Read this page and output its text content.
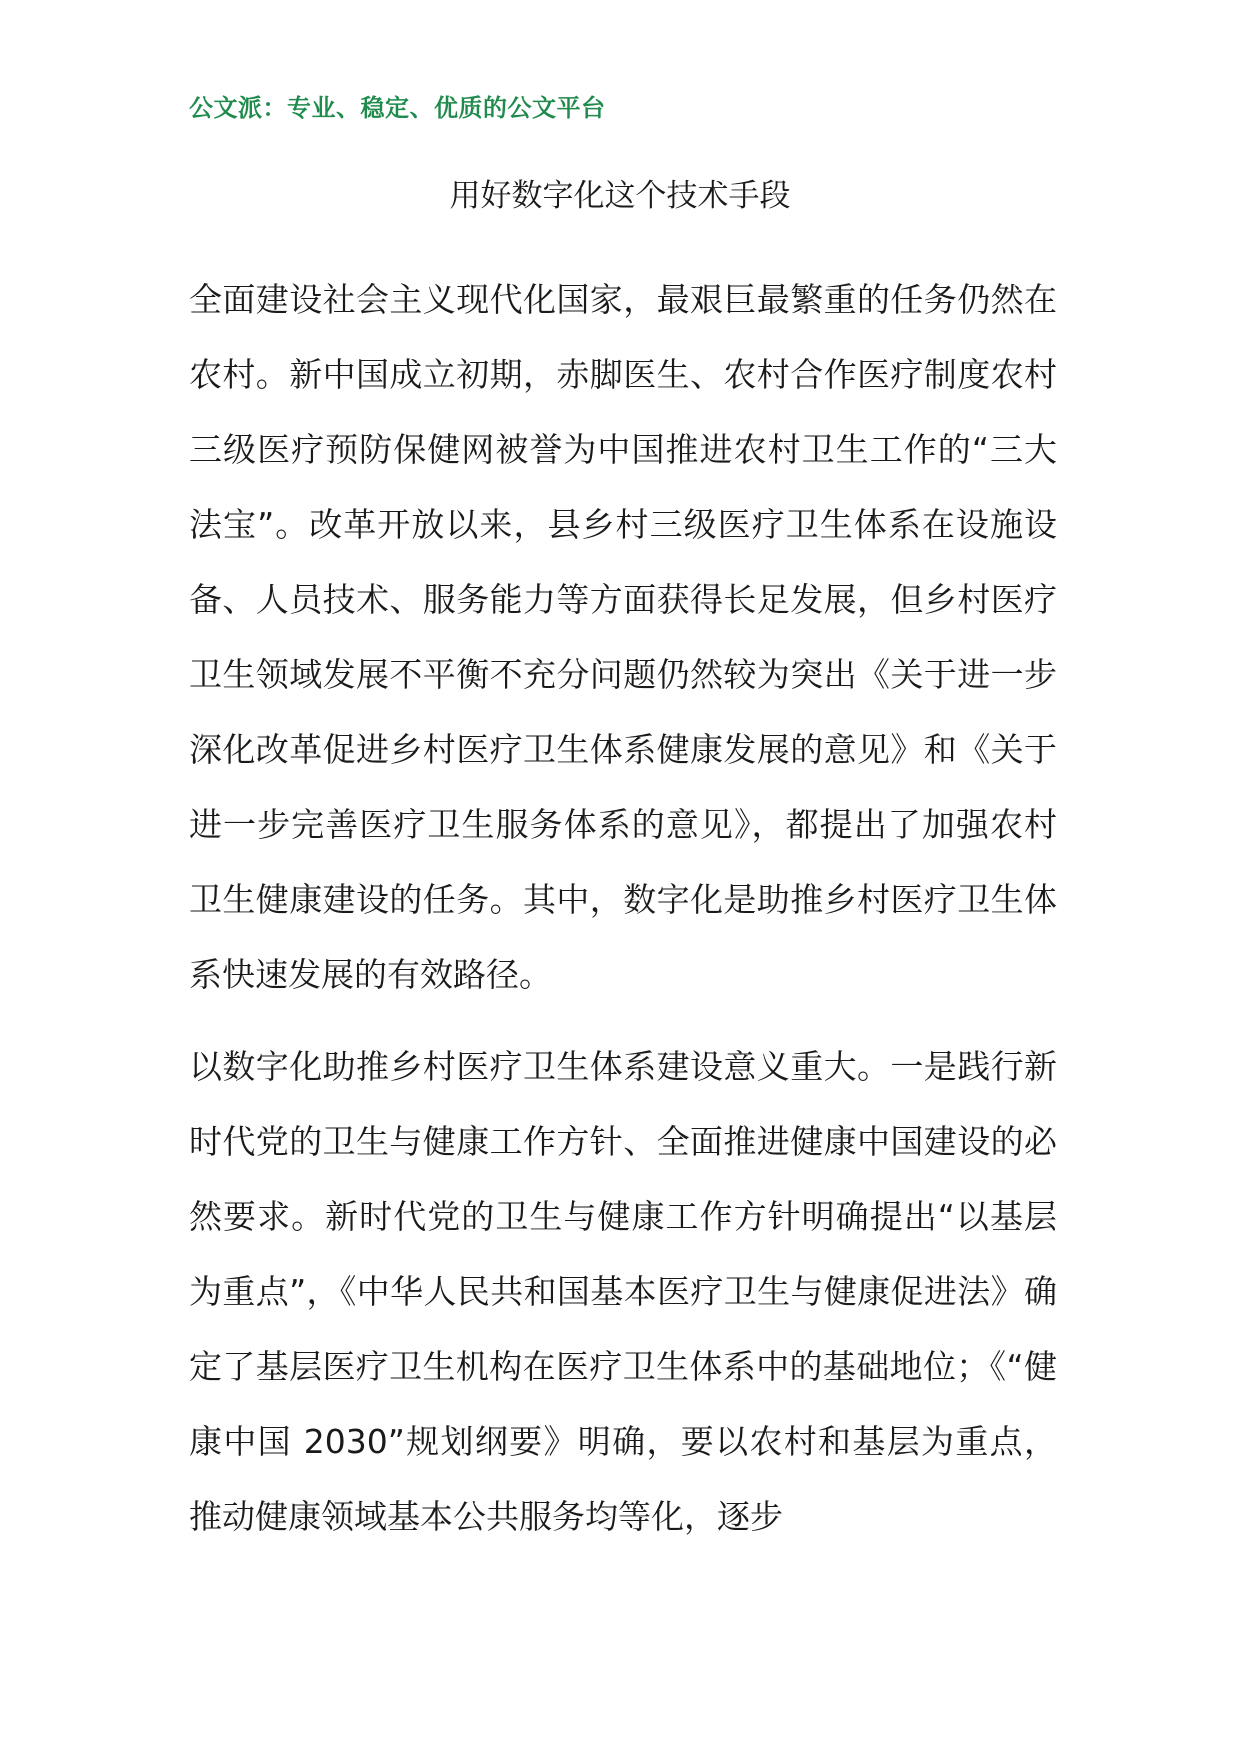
公文派：专业、稳定、优质的公文平台
用好数字化这个技术手段

全面建设社会主义现代化国家，最艰巨最繁重的任务仍然在农村。新中国成立初期，赤脚医生、农村合作医疗制度农村三级医疗预防保健网被誉为中国推进农村卫生工作的“三大法宝”。改革开放以来，县乡村三级医疗卫生体系在设施设备、人员技术、服务能力等方面获得长足发展，但乡村医疗卫生领域发展不平衡不充分问题仍然较为突出《关于进一步深化改革促进乡村医疗卫生体系健康发展的意见》和《关于进一步完善医疗卫生服务体系的意见》，都提出了加强农村卫生健康建设的任务。其中，数字化是助推乡村医疗卫生体系快速发展的有效路径。

以数字化助推乡村医疗卫生体系建设意义重大。一是践行新时代党的卫生与健康工作方针、全面推进健康中国建设的必然要求。新时代党的卫生与健康工作方针明确提出“以基层为重点”，《中华人民共和国基本医疗卫生与健康促进法》确定了基层医疗卫生机构在医疗卫生体系中的基础地位；《“健康中国 2030”规划纲要》明确，要以农村和基层为重点，推动健康领域基本公共服务均等化，逐步
